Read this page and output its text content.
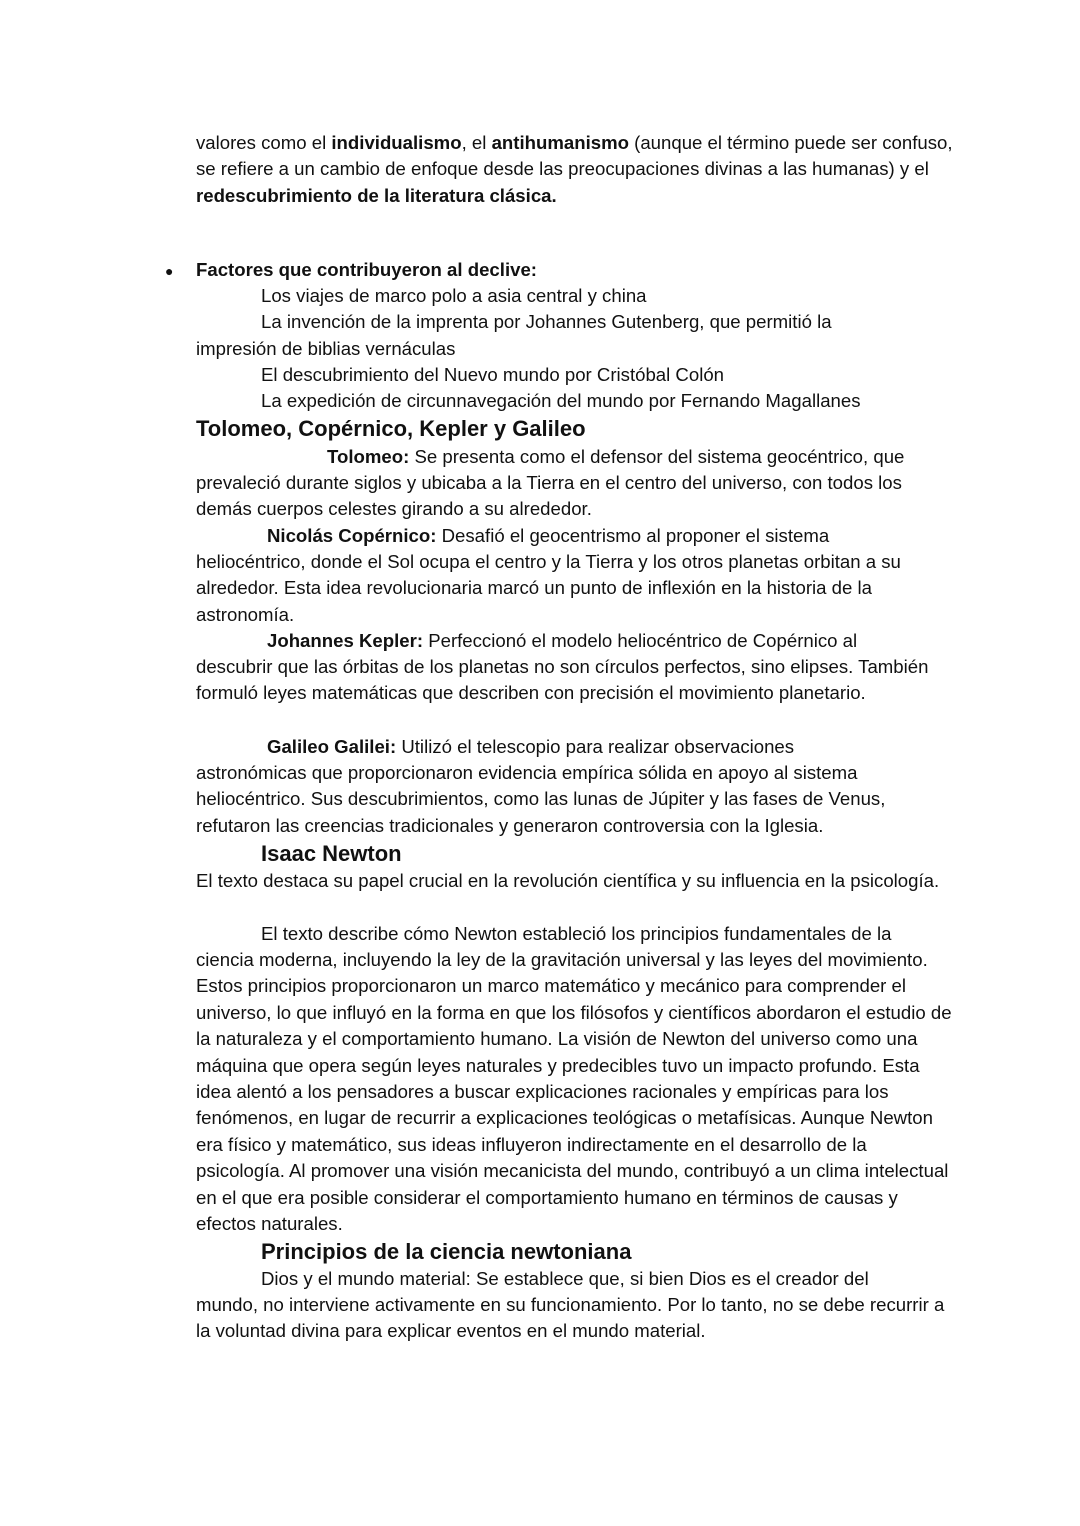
valores como el individualismo, el antihumanismo (aunque el término puede ser confuso, se refiere a un cambio de enfoque desde las preocupaciones divinas a las humanas) y el redescubrimiento de la literatura clásica.

● Factores que contribuyeron al declive:
Los viajes de marco polo a asia central y china
La invención de la imprenta por Johannes Gutenberg, que permitió la
impresión de biblias vernáculas
El descubrimiento del Nuevo mundo por Cristóbal Colón
La expedición de circunnavegación del mundo por Fernando Magallanes
Tolomeo, Copérnico, Kepler y Galileo
Tolomeo: Se presenta como el defensor del sistema geocéntrico, que

prevaleció durante siglos y ubicaba a la Tierra en el centro del universo, con todos los demás cuerpos celestes girando a su alrededor.

Nicolás Copérnico: Desafió el geocentrismo al proponer el sistema

heliocéntrico, donde el Sol ocupa el centro y la Tierra y los otros planetas orbitan a su alrededor. Esta idea revolucionaria marcó un punto de inflexión en la historia de la astronomía.

Johannes Kepler: Perfeccionó el modelo heliocéntrico de Copérnico al

descubrir que las órbitas de los planetas no son círculos perfectos, sino elipses. También formuló leyes matemáticas que describen con precisión el movimiento planetario.

Galileo Galilei: Utilizó el telescopio para realizar observaciones

astronómicas que proporcionaron evidencia empírica sólida en apoyo al sistema heliocéntrico. Sus descubrimientos, como las lunas de Júpiter y las fases de Venus, refutaron las creencias tradicionales y generaron controversia con la Iglesia.

Isaac Newton

El texto destaca su papel crucial en la revolución científica y su influencia en la psicología.

El texto describe cómo Newton estableció los principios fundamentales de la

ciencia moderna, incluyendo la ley de la gravitación universal y las leyes del movimiento. Estos principios proporcionaron un marco matemático y mecánico para comprender el universo, lo que influyó en la forma en que los filósofos y científicos abordaron el estudio de la naturaleza y el comportamiento humano. La visión de Newton del universo como una máquina que opera según leyes naturales y predecibles tuvo un impacto profundo. Esta idea alentó a los pensadores a buscar explicaciones racionales y empíricas para los fenómenos, en lugar de recurrir a explicaciones teológicas o metafísicas. Aunque Newton era físico y matemático, sus ideas influyeron indirectamente en el desarrollo de la psicología. Al promover una visión mecanicista del mundo, contribuyó a un clima intelectual en el que era posible considerar el comportamiento humano en términos de causas y efectos naturales.

Principios de la ciencia newtoniana
Dios y el mundo material: Se establece que, si bien Dios es el creador del

mundo, no interviene activamente en su funcionamiento. Por lo tanto, no se debe recurrir a la voluntad divina para explicar eventos en el mundo material.
